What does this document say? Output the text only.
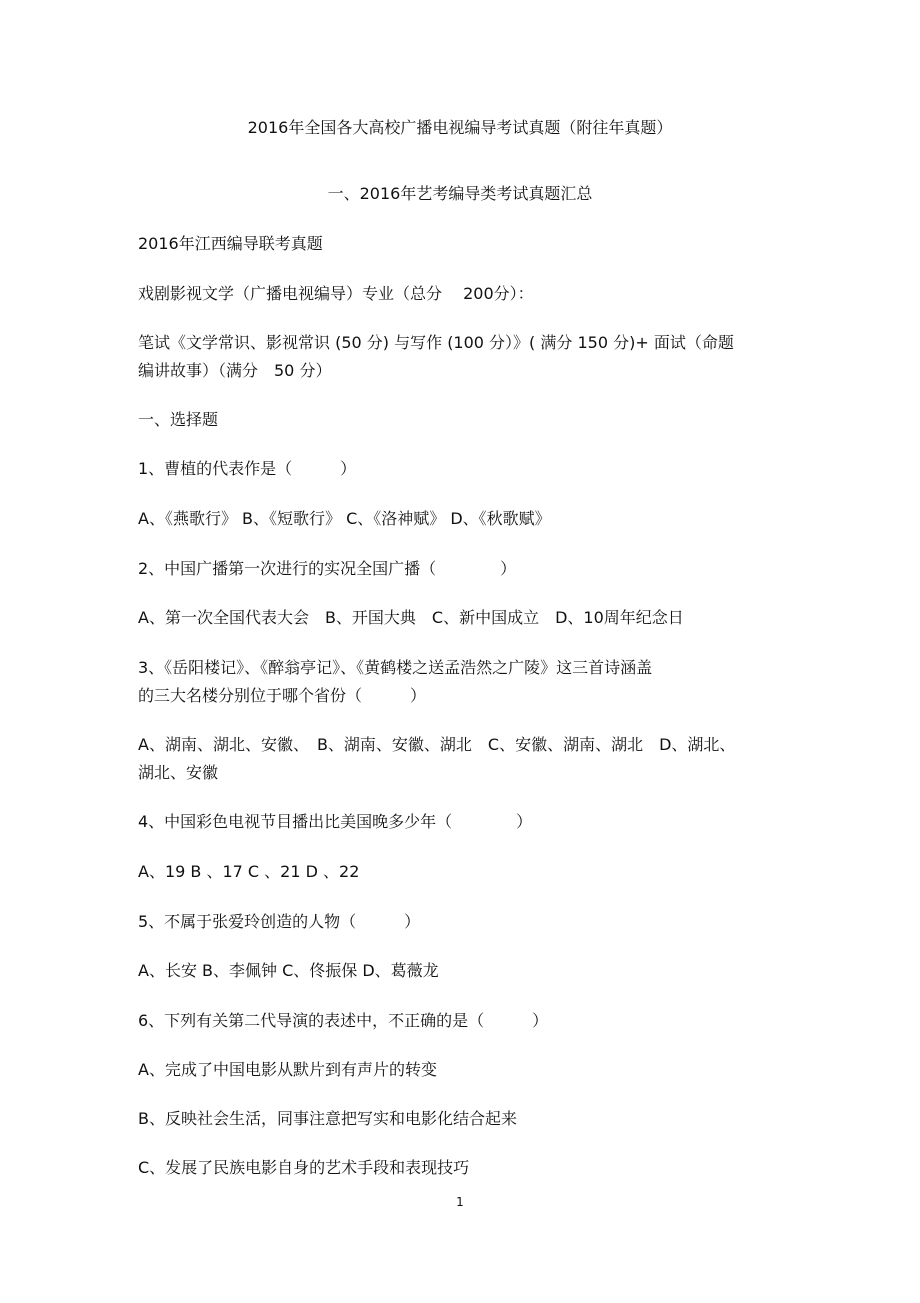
2016年全国各大高校广播电视编导考试真题（附往年真题）
一、2016年艺考编导类考试真题汇总
2016年江西编导联考真题
戏剧影视文学（广播电视编导）专业（总分　 200分）：
笔试《文学常识、影视常识 (50 分) 与写作 (100 分）》( 满分 150 分)+ 面试（命题
编讲故事）（满分　50 分）
一、选择题
1、曹植的代表作是（　　　）
A、《燕歌行》 B、《短歌行》 C、《洛神赋》 D、《秋歌赋》
2、中国广播第一次进行的实况全国广播（　　　　）
A、第一次全国代表大会　B、开国大典　C、新中国成立　D、10周年纪念日
3、《岳阳楼记》、《醉翁亭记》、《黄鹤楼之送孟浩然之广陵》这三首诗涵盖
的三大名楼分别位于哪个省份（　　　）
A、湖南、湖北、安徽、　B、湖南、安徽、湖北　C、安徽、湖南、湖北　D、湖北、
湖北、安徽
4、中国彩色电视节目播出比美国晚多少年（　　　　）
A、19 B 、17 C 、21 D 、22
5、不属于张爱玲创造的人物（　　　）
A、长安 B、李佩钟 C、佟振保 D、葛薇龙
6、下列有关第二代导演的表述中，不正确的是（　　　）
A、完成了中国电影从默片到有声片的转变
B、反映社会生活，同事注意把写实和电影化结合起来
C、发展了民族电影自身的艺术手段和表现技巧
1
